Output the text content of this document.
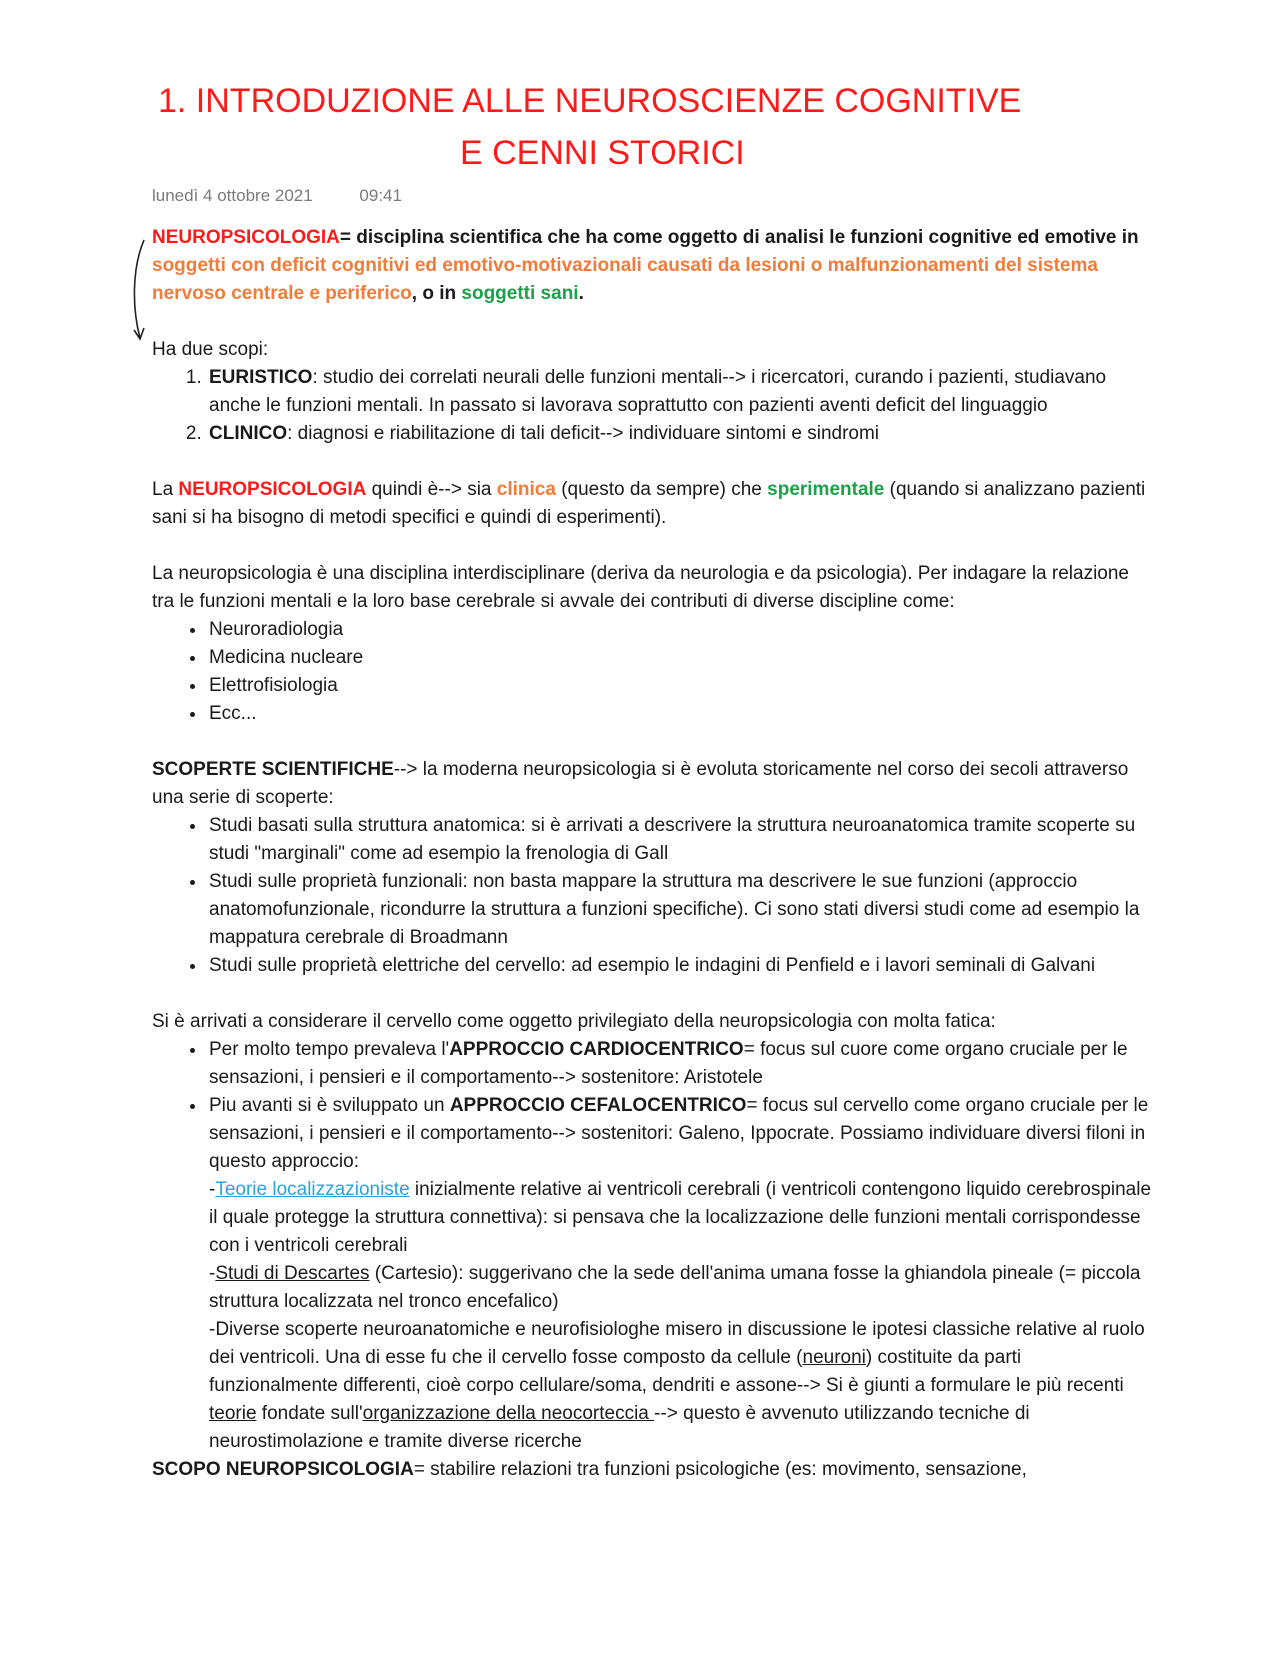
1. INTRODUZIONE ALLE NEUROSCIENZE COGNITIVE
E CENNI STORICI
lunedì 4 ottobre 2021	09:41

NEUROPSICOLOGIA= disciplina scientifica che ha come oggetto di analisi le funzioni cognitive ed emotive in soggetti con deficit cognitivi ed emotivo-motivazionali causati da lesioni o malfunzionamenti del sistema nervoso centrale e periferico, o in soggetti sani.

Ha due scopi:

1. EURISTICO: studio dei correlati neurali delle funzioni mentali--> i ricercatori, curando i pazienti, studiavano anche le funzioni mentali. In passato si lavorava soprattutto con pazienti aventi deficit del linguaggio
2. CLINICO: diagnosi e riabilitazione di tali deficit--> individuare sintomi e sindromi

La NEUROPSICOLOGIA quindi è--> sia clinica (questo da sempre) che sperimentale (quando si analizzano pazienti sani si ha bisogno di metodi specifici e quindi di esperimenti).

La neuropsicologia è una disciplina interdisciplinare (deriva da neurologia e da psicologia). Per indagare la relazione tra le funzioni mentali e la loro base cerebrale si avvale dei contributi di diverse discipline come:

• Neuroradiologia
• Medicina nucleare
• Elettrofisiologia
• Ecc...

SCOPERTE SCIENTIFICHE--> la moderna neuropsicologia si è evoluta storicamente nel corso dei secoli attraverso una serie di scoperte:

• Studi basati sulla struttura anatomica: si è arrivati a descrivere la struttura neuroanatomica tramite scoperte su studi "marginali" come ad esempio la frenologia di Gall
• Studi sulle proprietà funzionali: non basta mappare la struttura ma descrivere le sue funzioni (approccio anatomofunzionale, ricondurre la struttura a funzioni specifiche). Ci sono stati diversi studi come ad esempio la mappatura cerebrale di Broadmann
• Studi sulle proprietà elettriche del cervello: ad esempio le indagini di Penfield e i lavori seminali di Galvani

Si è arrivati a considerare il cervello come oggetto privilegiato della neuropsicologia con molta fatica:

• Per molto tempo prevaleva l'APPROCCIO CARDIOCENTRICO= focus sul cuore come organo cruciale per le sensazioni, i pensieri e il comportamento--> sostenitore: Aristotele
• Piu avanti si è sviluppato un APPROCCIO CEFALOCENTRICO= focus sul cervello come organo cruciale per le sensazioni, i pensieri e il comportamento--> sostenitori: Galeno, Ippocrate. Possiamo individuare diversi filoni in questo approccio:
-Teorie localizzazioniste inizialmente relative ai ventricoli cerebrali (i ventricoli contengono liquido cerebrospinale il quale protegge la struttura connettiva): si pensava che la localizzazione delle funzioni mentali corrispondesse con i ventricoli cerebrali
-Studi di Descartes (Cartesio): suggerivano che la sede dell'anima umana fosse la ghiandola pineale (= piccola struttura localizzata nel tronco encefalico)
-Diverse scoperte neuroanatomiche e neurofisiologhe misero in discussione le ipotesi classiche relative al ruolo dei ventricoli. Una di esse fu che il cervello fosse composto da cellule (neuroni) costituite da parti funzionalmente differenti, cioè corpo cellulare/soma, dendriti e assone--> Si è giunti a formulare le più recenti teorie fondate sull'organizzazione della neocorteccia --> questo è avvenuto utilizzando tecniche di neurostimolazione e tramite diverse ricerche

SCOPO NEUROPSICOLOGIA= stabilire relazioni tra funzioni psicologiche (es: movimento, sensazione,
